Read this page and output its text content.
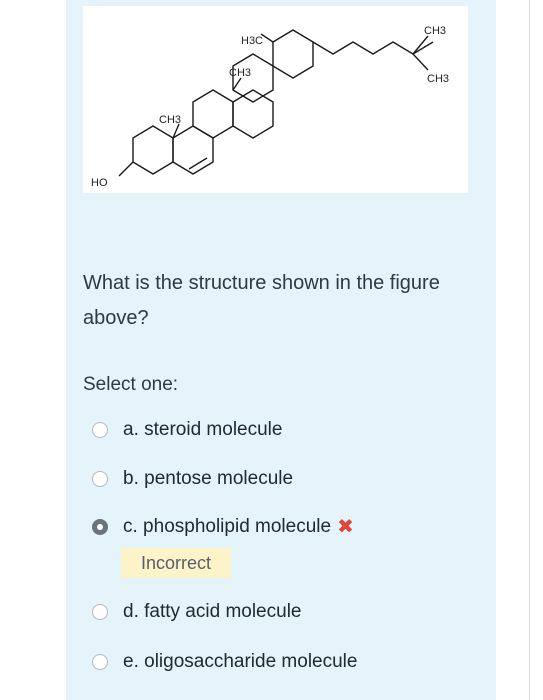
H3C
CH3
CH3
CH3
CH3
HO
What is the structure shown in the figure above?
Select one:
a. steroid molecule
b. pentose molecule
c. phospholipid molecule ✖
Incorrect
d. fatty acid molecule
e. oligosaccharide molecule
